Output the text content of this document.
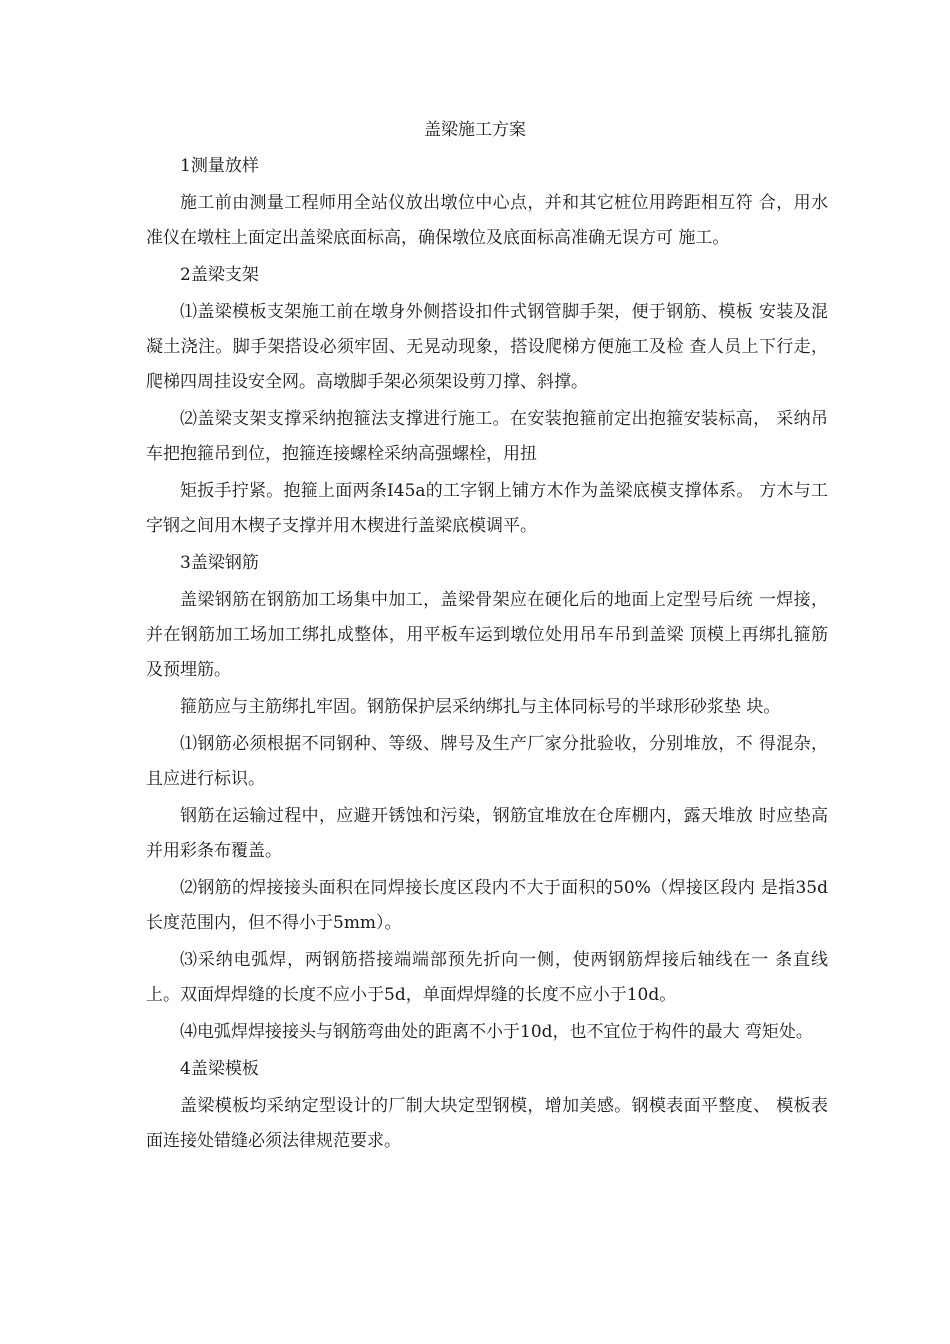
盖梁施工方案

1测量放样

施工前由测量工程师用全站仪放出墩位中心点，并和其它桩位用跨距相互符 合，用水准仪在墩柱上面定出盖梁底面标高，确保墩位及底面标高准确无误方可 施工。

2盖梁支架

⑴盖梁模板支架施工前在墩身外侧搭设扣件式钢管脚手架，便于钢筋、模板 安装及混凝土浇注。脚手架搭设必须牢固、无晃动现象，搭设爬梯方便施工及检 查人员上下行走，爬梯四周挂设安全网。高墩脚手架必须架设剪刀撑、斜撑。

⑵盖梁支架支撑采纳抱箍法支撑进行施工。在安装抱箍前定出抱箍安装标高， 采纳吊车把抱箍吊到位，抱箍连接螺栓采纳高强螺栓，用扭

矩扳手拧紧。抱箍上面两条I45a的工字钢上铺方木作为盖梁底模支撑体系。 方木与工字钢之间用木楔子支撑并用木楔进行盖梁底模调平。

3盖梁钢筋

盖梁钢筋在钢筋加工场集中加工，盖梁骨架应在硬化后的地面上定型号后统 一焊接，并在钢筋加工场加工绑扎成整体，用平板车运到墩位处用吊车吊到盖梁 顶模上再绑扎箍筋及预埋筋。

箍筋应与主筋绑扎牢固。钢筋保护层采纳绑扎与主体同标号的半球形砂浆垫 块。

⑴钢筋必须根据不同钢种、等级、牌号及生产厂家分批验收，分别堆放，不 得混杂，且应进行标识。

钢筋在运输过程中，应避开锈蚀和污染，钢筋宜堆放在仓库棚内，露天堆放 时应垫高并用彩条布覆盖。

⑵钢筋的焊接接头面积在同焊接长度区段内不大于面积的50%（焊接区段内 是指35d长度范围内，但不得小于5mm）。

⑶采纳电弧焊，两钢筋搭接端端部预先折向一侧，使两钢筋焊接后轴线在一 条直线上。双面焊焊缝的长度不应小于5d，单面焊焊缝的长度不应小于10d。

⑷电弧焊焊接接头与钢筋弯曲处的距离不小于10d，也不宜位于构件的最大 弯矩处。

4盖梁模板

盖梁模板均采纳定型设计的厂制大块定型钢模，增加美感。钢模表面平整度、 模板表面连接处错缝必须法律规范要求。
